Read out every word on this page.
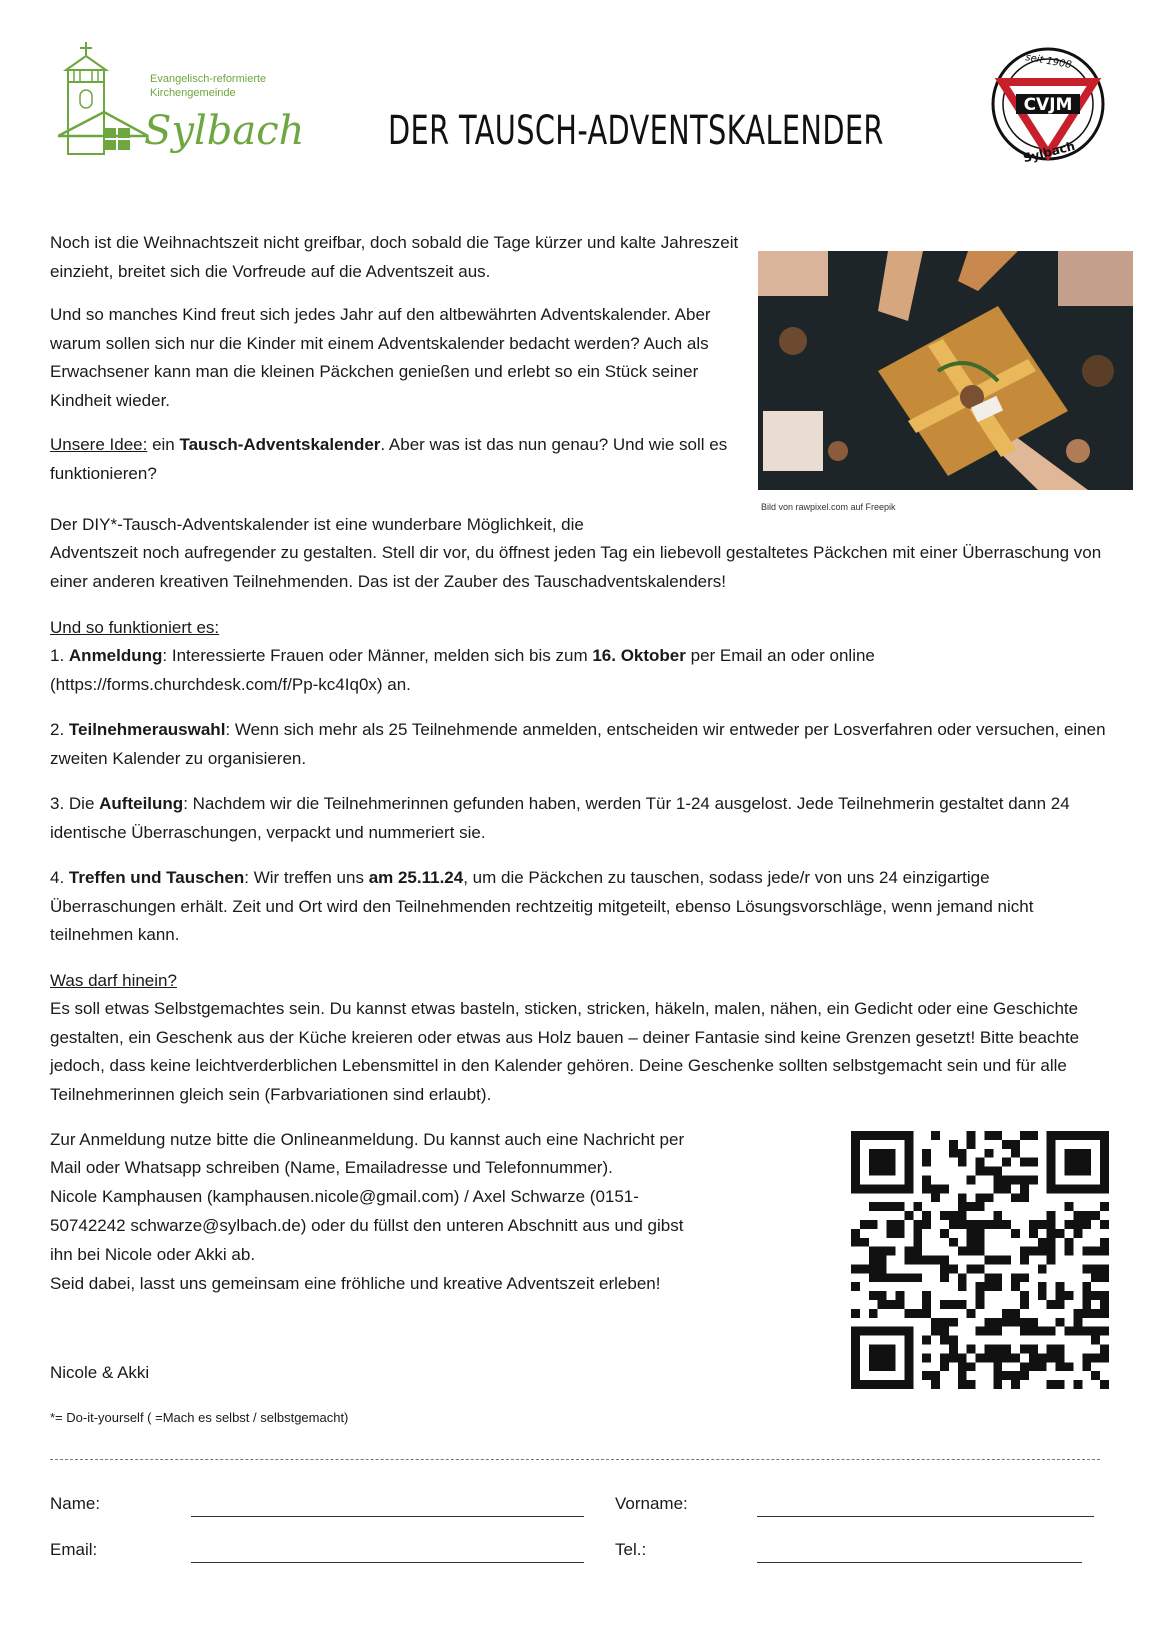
Evangelisch-reformierte
Kirchengemeinde
Sylbach DER TAUSCH-ADVENTSKALENDER
CVJM
seit 1908
Sylbach

Noch ist die Weihnachtszeit nicht greifbar, doch sobald die Tage kürzer und kalte Jahreszeit einzieht, breitet sich die Vorfreude auf die Adventszeit aus.

Und so manches Kind freut sich jedes Jahr auf den altbewährten Adventskalender. Aber warum sollen sich nur die Kinder mit einem Adventskalender bedacht werden? Auch als Erwachsener kann man die kleinen Päckchen genießen und erlebt so ein Stück seiner Kindheit wieder.

Unsere Idee: ein Tausch-Adventskalender. Aber was ist das nun genau? Und wie soll es funktionieren?

Bild von rawpixel.com auf Freepik

Der DIY*-Tausch-Adventskalender ist eine wunderbare Möglichkeit, die

Adventszeit noch aufregender zu gestalten. Stell dir vor, du öffnest jeden Tag ein liebevoll gestaltetes Päckchen mit einer Überraschung von einer anderen kreativen Teilnehmenden. Das ist der Zauber des Tauschadventskalenders!

Und so funktioniert es:

1. Anmeldung: Interessierte Frauen oder Männer, melden sich bis zum 16. Oktober per Email an oder online (https://forms.churchdesk.com/f/Pp-kc4Iq0x) an.

2. Teilnehmerauswahl: Wenn sich mehr als 25 Teilnehmende anmelden, entscheiden wir entweder per Losverfahren oder versuchen, einen zweiten Kalender zu organisieren.

3. Die Aufteilung: Nachdem wir die Teilnehmerinnen gefunden haben, werden Tür 1-24 ausgelost. Jede Teilnehmerin gestaltet dann 24 identische Überraschungen, verpackt und nummeriert sie.

4. Treffen und Tauschen: Wir treffen uns am 25.11.24, um die Päckchen zu tauschen, sodass jede/r von uns 24 einzigartige Überraschungen erhält. Zeit und Ort wird den Teilnehmenden rechtzeitig mitgeteilt, ebenso Lösungsvorschläge, wenn jemand nicht teilnehmen kann.

Was darf hinein?

Es soll etwas Selbstgemachtes sein. Du kannst etwas basteln, sticken, stricken, häkeln, malen, nähen, ein Gedicht oder eine Geschichte gestalten, ein Geschenk aus der Küche kreieren oder etwas aus Holz bauen – deiner Fantasie sind keine Grenzen gesetzt! Bitte beachte jedoch, dass keine leichtverderblichen Lebensmittel in den Kalender gehören. Deine Geschenke sollten selbstgemacht sein und für alle Teilnehmerinnen gleich sein (Farbvariationen sind erlaubt).

Zur Anmeldung nutze bitte die Onlineanmeldung. Du kannst auch eine Nachricht per

Mail oder Whatsapp schreiben (Name, Emailadresse und Telefonnummer).

Nicole Kamphausen (kamphausen.nicole@gmail.com) / Axel Schwarze (0151-

50742242 schwarze@sylbach.de) oder du füllst den unteren Abschnitt aus und gibst

ihn bei Nicole oder Akki ab.

Seid dabei, lasst uns gemeinsam eine fröhliche und kreative Adventszeit erleben!

Nicole & Akki

*= Do-it-yourself ( =Mach es selbst / selbstgemacht)
Name:	Vorname:
Email:	Tel.:
